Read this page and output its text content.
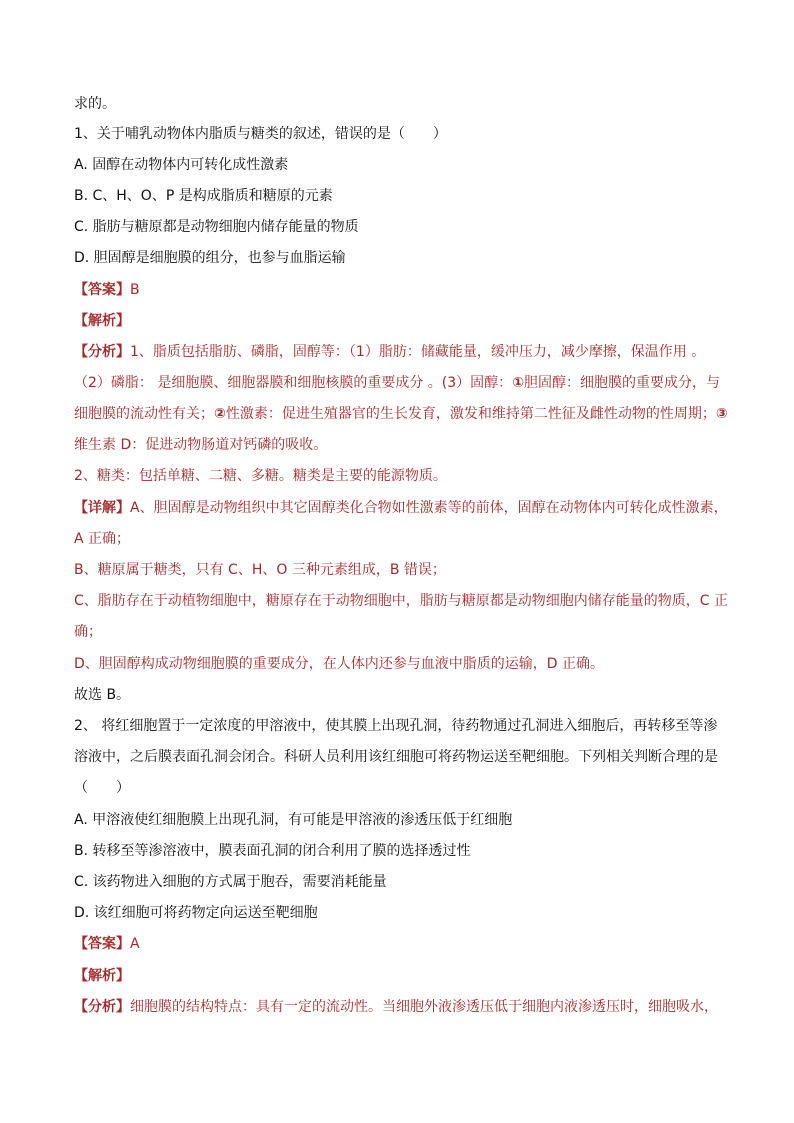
求的。
1、关于哺乳动物体内脂质与糖类的叙述，错误的是（　　）
A. 固醇在动物体内可转化成性激素
B. C、H、O、P 是构成脂质和糖原的元素
C. 脂肪与糖原都是动物细胞内储存能量的物质
D. 胆固醇是细胞膜的组分，也参与血脂运输
【答案】B
【解析】
【分析】1、脂质包括脂肪、磷脂，固醇等：（1）脂肪：储藏能量，缓冲压力，减少摩擦，保温作用 。
（2）磷脂： 是细胞膜、细胞器膜和细胞核膜的重要成分 。(3）固醇：①胆固醇：细胞膜的重要成分，与
细胞膜的流动性有关；②性激素：促进生殖器官的生长发育，激发和维持第二性征及雌性动物的性周期；③
维生素 D：促进动物肠道对钙磷的吸收。
2、糖类：包括单糖、二糖、多糖。糖类是主要的能源物质。
【详解】A、胆固醇是动物组织中其它固醇类化合物如性激素等的前体，固醇在动物体内可转化成性激素，
A 正确；
B、糖原属于糖类，只有 C、H、O 三种元素组成，B 错误；
C、脂肪存在于动植物细胞中，糖原存在于动物细胞中，脂肪与糖原都是动物细胞内储存能量的物质，C 正
确；
D、胆固醇构成动物细胞膜的重要成分，在人体内还参与血液中脂质的运输，D 正确。
故选 B。
2、 将红细胞置于一定浓度的甲溶液中，使其膜上出现孔洞，待药物通过孔洞进入细胞后，再转移至等渗
溶液中，之后膜表面孔洞会闭合。科研人员利用该红细胞可将药物运送至靶细胞。下列相关判断合理的是
（　　）
A. 甲溶液使红细胞膜上出现孔洞，有可能是甲溶液的渗透压低于红细胞
B. 转移至等渗溶液中，膜表面孔洞的闭合利用了膜的选择透过性
C. 该药物进入细胞的方式属于胞吞，需要消耗能量
D. 该红细胞可将药物定向运送至靶细胞
【答案】A
【解析】
【分析】细胞膜的结构特点：具有一定的流动性。当细胞外液渗透压低于细胞内液渗透压时，细胞吸水，
